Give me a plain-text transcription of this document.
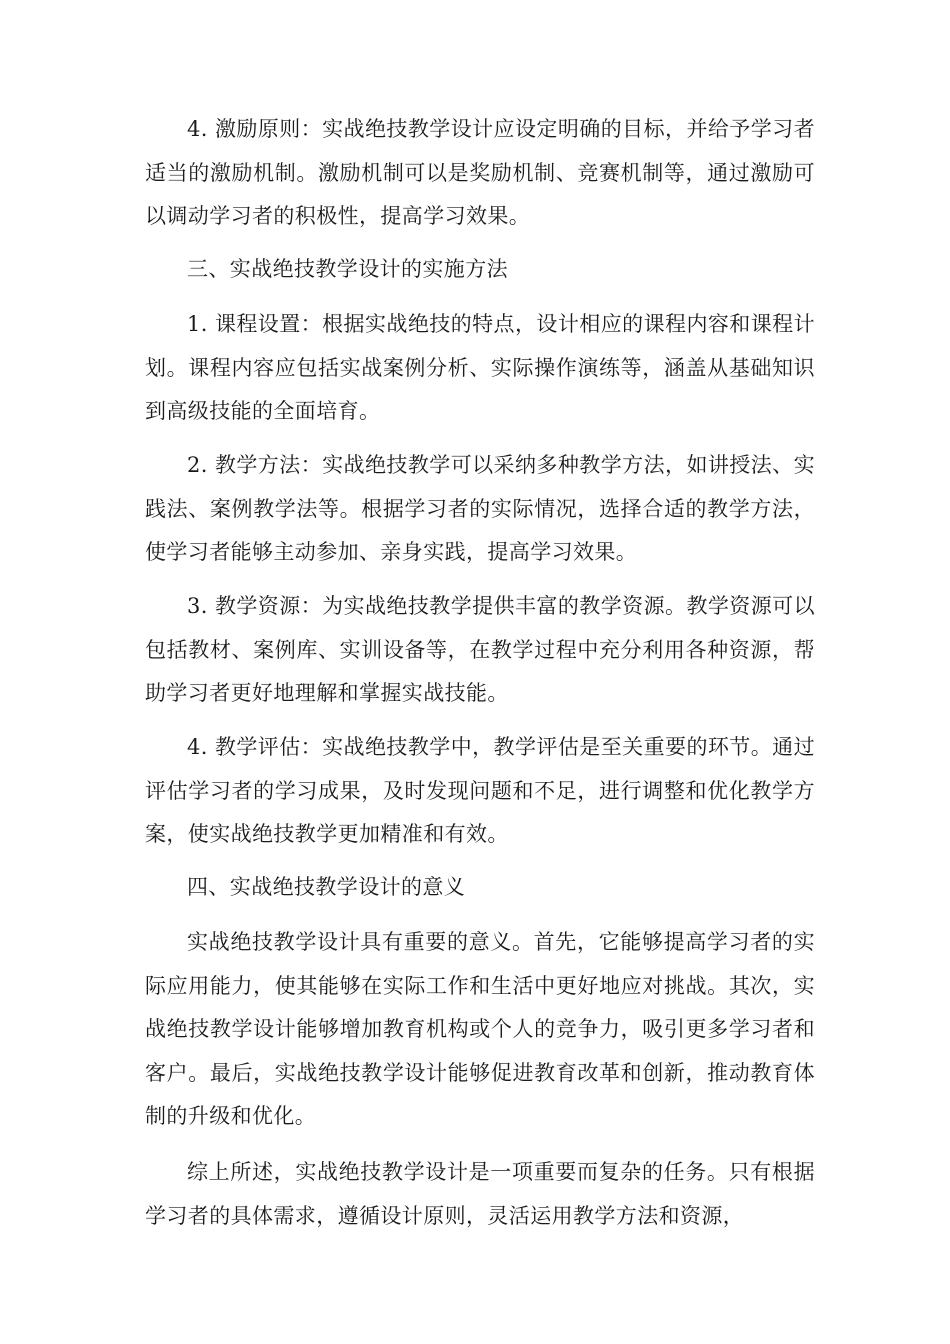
4. 激励原则：实战绝技教学设计应设定明确的目标，并给予学习者适当的激励机制。激励机制可以是奖励机制、竞赛机制等，通过激励可以调动学习者的积极性，提高学习效果。

三、实战绝技教学设计的实施方法

1. 课程设置：根据实战绝技的特点，设计相应的课程内容和课程计划。课程内容应包括实战案例分析、实际操作演练等，涵盖从基础知识到高级技能的全面培育。

2. 教学方法：实战绝技教学可以采纳多种教学方法，如讲授法、实践法、案例教学法等。根据学习者的实际情况，选择合适的教学方法，使学习者能够主动参加、亲身实践，提高学习效果。

3. 教学资源：为实战绝技教学提供丰富的教学资源。教学资源可以包括教材、案例库、实训设备等，在教学过程中充分利用各种资源，帮助学习者更好地理解和掌握实战技能。

4. 教学评估：实战绝技教学中，教学评估是至关重要的环节。通过评估学习者的学习成果，及时发现问题和不足，进行调整和优化教学方案，使实战绝技教学更加精准和有效。

四、实战绝技教学设计的意义

实战绝技教学设计具有重要的意义。首先，它能够提高学习者的实际应用能力，使其能够在实际工作和生活中更好地应对挑战。其次，实战绝技教学设计能够增加教育机构或个人的竞争力，吸引更多学习者和客户。最后，实战绝技教学设计能够促进教育改革和创新，推动教育体制的升级和优化。

综上所述，实战绝技教学设计是一项重要而复杂的任务。只有根据学习者的具体需求，遵循设计原则，灵活运用教学方法和资源，
